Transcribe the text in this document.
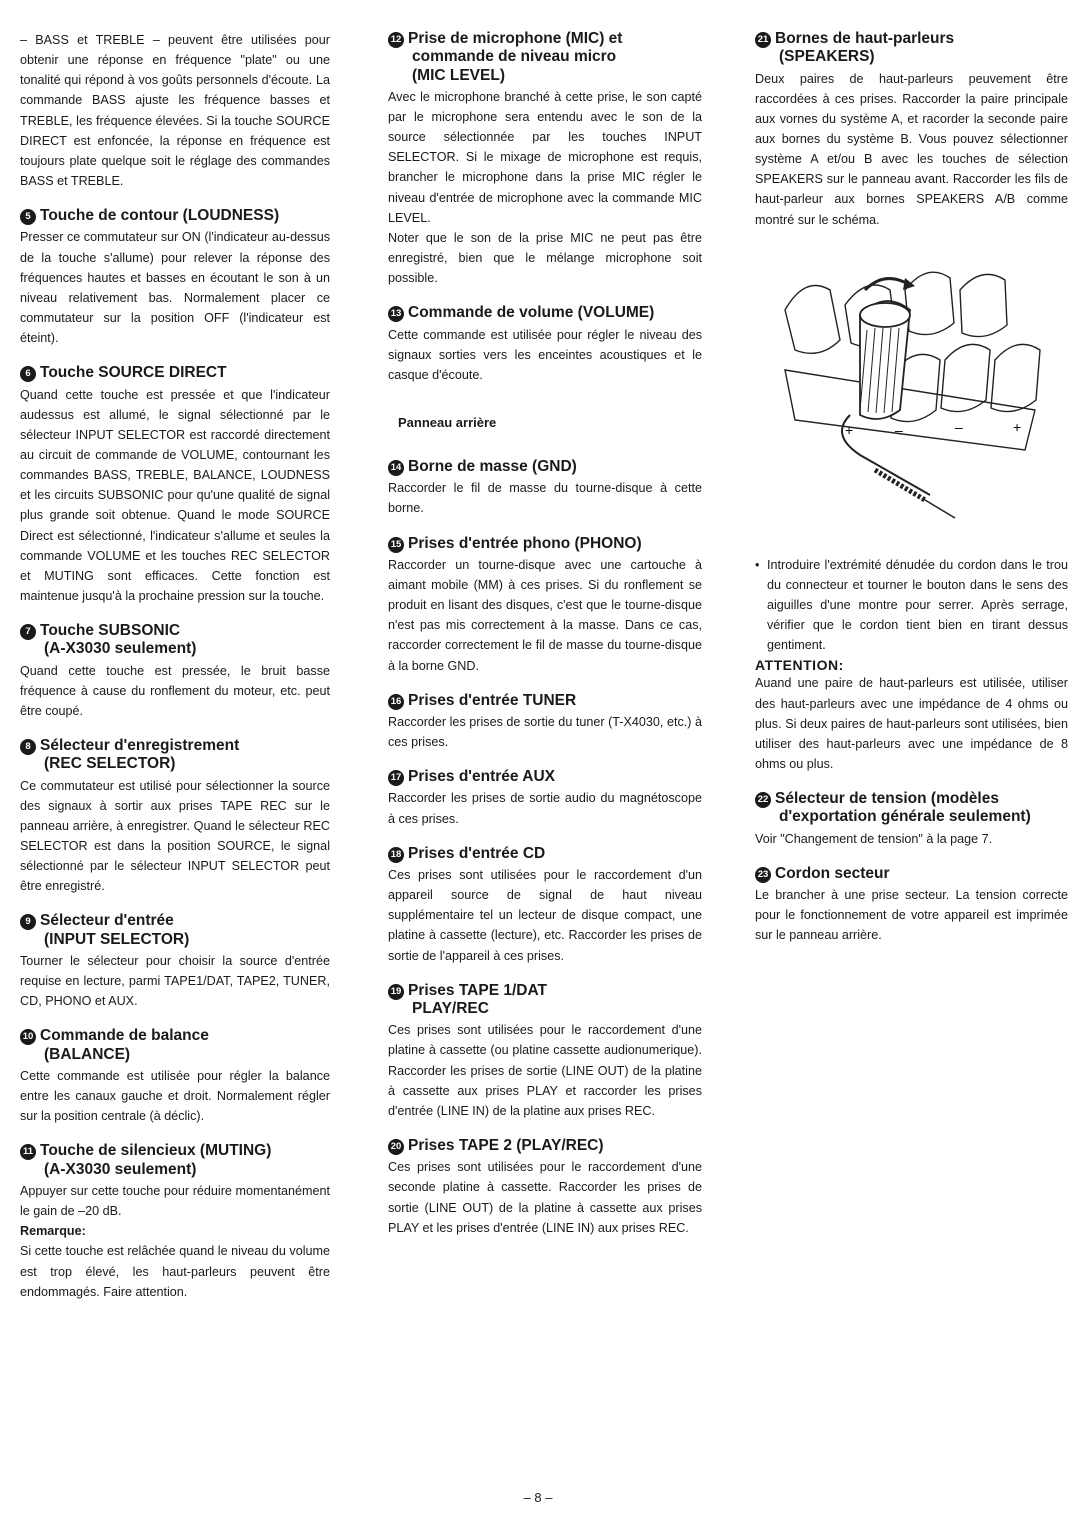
– BASS et TREBLE – peuvent être utilisées pour obtenir une réponse en fréquence "plate" ou une tonalité qui répond à vos goûts personnels d'écoute. La commande BASS ajuste les fréquence basses et TREBLE, les fréquence élevées. Si la touche SOURCE DIRECT est enfoncée, la réponse en fréquence est toujours plate quelque soit le réglage des commandes BASS et TREBLE.

5 Touche de contour (LOUDNESS)

Presser ce commutateur sur ON (l'indicateur au-dessus de la touche s'allume) pour relever la réponse des fréquences hautes et basses en écoutant le son à un niveau relativement bas. Normalement placer ce commutateur sur la position OFF (l'indicateur est éteint).

6 Touche SOURCE DIRECT

Quand cette touche est pressée et que l'indicateur audessus est allumé, le signal sélectionné par le sélecteur INPUT SELECTOR est raccordé directement au circuit de commande de VOLUME, contournant les commandes BASS, TREBLE, BALANCE, LOUDNESS et les circuits SUBSONIC pour qu'une qualité de signal plus grande soit obtenue. Quand le mode SOURCE Direct est sélectionné, l'indicateur s'allume et seules la commande VOLUME et les touches REC SELECTOR et MUTING sont efficaces. Cette fonction est maintenue jusqu'à la prochaine pression sur la touche.

7 Touche SUBSONIC
(A-X3030 seulement)

Quand cette touche est pressée, le bruit basse fréquence à cause du ronflement du moteur, etc. peut être coupé.

8 Sélecteur d'enregistrement
(REC SELECTOR)

Ce commutateur est utilisé pour sélectionner la source des signaux à sortir aux prises TAPE REC sur le panneau arrière, à enregistrer. Quand le sélecteur REC SELECTOR est dans la position SOURCE, le signal sélectionné par le sélecteur INPUT SELECTOR peut être enregistré.

9 Sélecteur d'entrée
(INPUT SELECTOR)

Tourner le sélecteur pour choisir la source d'entrée requise en lecture, parmi TAPE1/DAT, TAPE2, TUNER, CD, PHONO et AUX.

10 Commande de balance
(BALANCE)

Cette commande est utilisée pour régler la balance entre les canaux gauche et droit. Normalement régler sur la position centrale (à déclic).

11 Touche de silencieux (MUTING)
(A-X3030 seulement)

Appuyer sur cette touche pour réduire momentanément le gain de –20 dB.

Remarque:

Si cette touche est relâchée quand le niveau du volume est trop élevé, les haut-parleurs peuvent être endommagés. Faire attention.

12 Prise de microphone (MIC) et
commande de niveau micro
(MIC LEVEL)

Avec le microphone branché à cette prise, le son capté par le microphone sera entendu avec le son de la source sélectionnée par les touches INPUT SELECTOR. Si le mixage de microphone est requis, brancher le microphone dans la prise MIC régler le niveau d'entrée de microphone avec la commande MIC LEVEL.

Noter que le son de la prise MIC ne peut pas être enregistré, bien que le mélange microphone soit possible.

13 Commande de volume (VOLUME)

Cette commande est utilisée pour régler le niveau des signaux sorties vers les enceintes acoustiques et le casque d'écoute.

Panneau arrière
14 Borne de masse (GND)

Raccorder le fil de masse du tourne-disque à cette borne.

15 Prises d'entrée phono (PHONO)

Raccorder un tourne-disque avec une cartouche à aimant mobile (MM) à ces prises. Si du ronflement se produit en lisant des disques, c'est que le tourne-disque n'est pas mis correctement à la masse. Dans ce cas, raccorder correctement le fil de masse du tourne-disque à la borne GND.

16 Prises d'entrée TUNER

Raccorder les prises de sortie du tuner (T-X4030, etc.) à ces prises.

17 Prises d'entrée AUX

Raccorder les prises de sortie audio du magnétoscope à ces prises.

18 Prises d'entrée CD

Ces prises sont utilisées pour le raccordement d'un appareil source de signal de haut niveau supplémentaire tel un lecteur de disque compact, une platine à cassette (lecture), etc. Raccorder les prises de sortie de l'appareil à ces prises.

19 Prises TAPE 1/DAT
PLAY/REC

Ces prises sont utilisées pour le raccordement d'une platine à cassette (ou platine cassette audionumerique). Raccorder les prises de sortie (LINE OUT) de la platine à cassette aux prises PLAY et raccorder les prises d'entrée (LINE IN) de la platine aux prises REC.

20 Prises TAPE 2 (PLAY/REC)

Ces prises sont utilisées pour le raccordement d'une seconde platine à cassette. Raccorder les prises de sortie (LINE OUT) de la platine à cassette aux prises PLAY et les prises d'entrée (LINE IN) aux prises REC.

21 Bornes de haut-parleurs
(SPEAKERS)

Deux paires de haut-parleurs peuvement être raccordées à ces prises. Raccorder la paire principale aux vornes du système A, et racorder la seconde paire aux bornes du système B. Vous pouvez sélectionner système A et/ou B avec les touches de sélection SPEAKERS sur le panneau avant. Raccorder les fils de haut-parleur aux bornes SPEAKERS A/B comme montré sur le schéma.

+	–	–	+
• Introduire l'extrémité dénudée du cordon dans le trou du connecteur et tourner le bouton dans le sens des aiguilles d'une montre pour serrer. Après serrage, vérifier que le cordon tient bien en tirant dessus gentiment.

ATTENTION:

Auand une paire de haut-parleurs est utilisée, utiliser des haut-parleurs avec une impédance de 4 ohms ou plus. Si deux paires de haut-parleurs sont utilisées, bien utiliser des haut-parleurs avec une impédance de 8 ohms ou plus.

22 Sélecteur de tension (modèles
d'exportation générale seulement)

Voir "Changement de tension" à la page 7.

23 Cordon secteur

Le brancher à une prise secteur. La tension correcte pour le fonctionnement de votre appareil est imprimée sur le panneau arrière.

– 8 –
